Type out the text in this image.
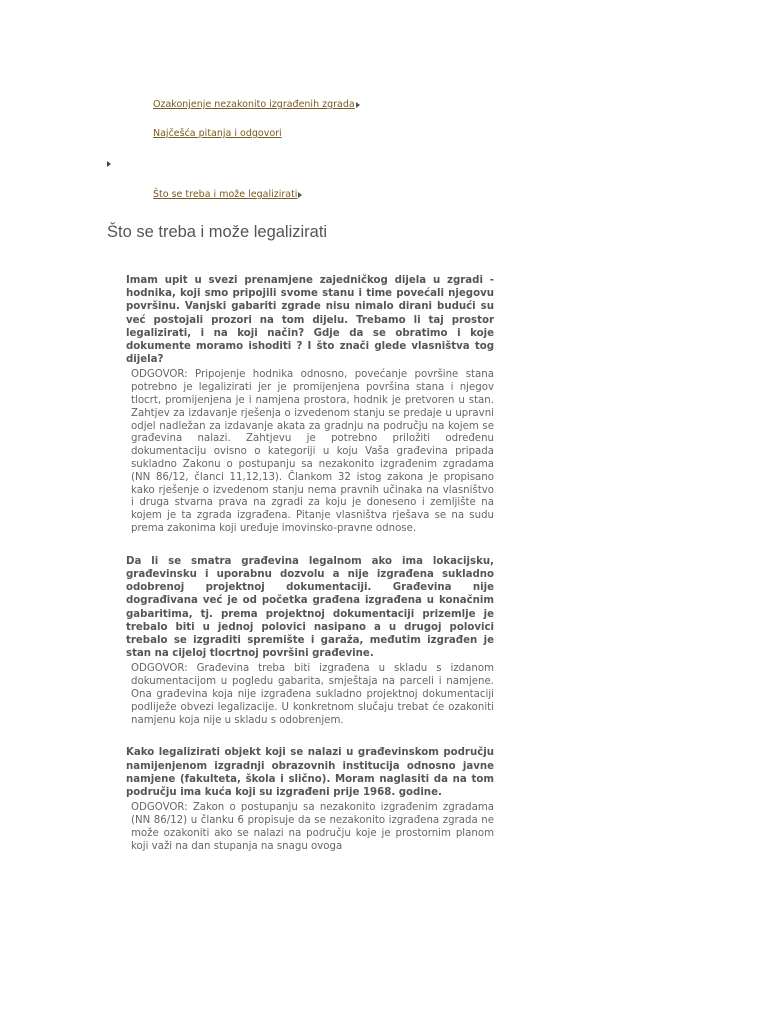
Ozakonjenje nezakonito izgrađenih zgrada
Najčešća pitanja i odgovori
Što se treba i može legalizirati
Što se treba i može legalizirati

Imam upit u svezi prenamjene zajedničkog dijela u zgradi - hodnika, koji smo pripojili svome stanu i time povećali njegovu površinu. Vanjski gabariti zgrade nisu nimalo dirani budući su već postojali prozori na tom dijelu. Trebamo li taj prostor legalizirati, i na koji način? Gdje da se obratimo i koje dokumente moramo ishoditi ? I što znači glede vlasništva tog dijela?

ODGOVOR: Pripojenje hodnika odnosno, povećanje površine stana potrebno je legalizirati jer je promijenjena površina stana i njegov tlocrt, promijenjena je i namjena prostora, hodnik je pretvoren u stan. Zahtjev za izdavanje rješenja o izvedenom stanju se predaje u upravni odjel nadležan za izdavanje akata za gradnju na području na kojem se građevina nalazi. Zahtjevu je potrebno priložiti određenu dokumentaciju ovisno o kategoriji u koju Vaša građevina pripada sukladno Zakonu o postupanju sa nezakonito izgrađenim zgradama (NN 86/12, članci 11,12,13). Člankom 32 istog zakona je propisano kako rješenje o izvedenom stanju nema pravnih učinaka na vlasništvo i druga stvarna prava na zgradi za koju je doneseno i zemljište na kojem je ta zgrada izgrađena. Pitanje vlasništva rješava se na sudu prema zakonima koji uređuje imovinsko-pravne odnose.

Da li se smatra građevina legalnom ako ima lokacijsku, građevinsku i uporabnu dozvolu a nije izgrađena sukladno odobrenoj projektnoj dokumentaciji. Građevina nije dograđivana već je od početka građena izgrađena u konačnim gabaritima, tj. prema projektnoj dokumentaciji prizemlje je trebalo biti u jednoj polovici nasipano a u drugoj polovici trebalo se izgraditi spremište i garaža, međutim izgrađen je stan na cijeloj tlocrtnoj površini građevine.

ODGOVOR: Građevina treba biti izgrađena u skladu s izdanom dokumentacijom u pogledu gabarita, smještaja na parceli i namjene. Ona građevina koja nije izgrađena sukladno projektnoj dokumentaciji podliježe obvezi legalizacije. U konkretnom slučaju trebat će ozakoniti namjenu koja nije u skladu s odobrenjem.

Kako legalizirati objekt koji se nalazi u građevinskom području namijenjenom izgradnji obrazovnih institucija odnosno javne namjene (fakulteta, škola i slično). Moram naglasiti da na tom području ima kuća koji su izgrađeni prije 1968. godine.

ODGOVOR: Zakon o postupanju sa nezakonito izgrađenim zgradama (NN 86/12) u članku 6 propisuje da se nezakonito izgrađena zgrada ne može ozakoniti ako se nalazi na području koje je prostornim planom koji važi na dan stupanja na snagu ovoga
